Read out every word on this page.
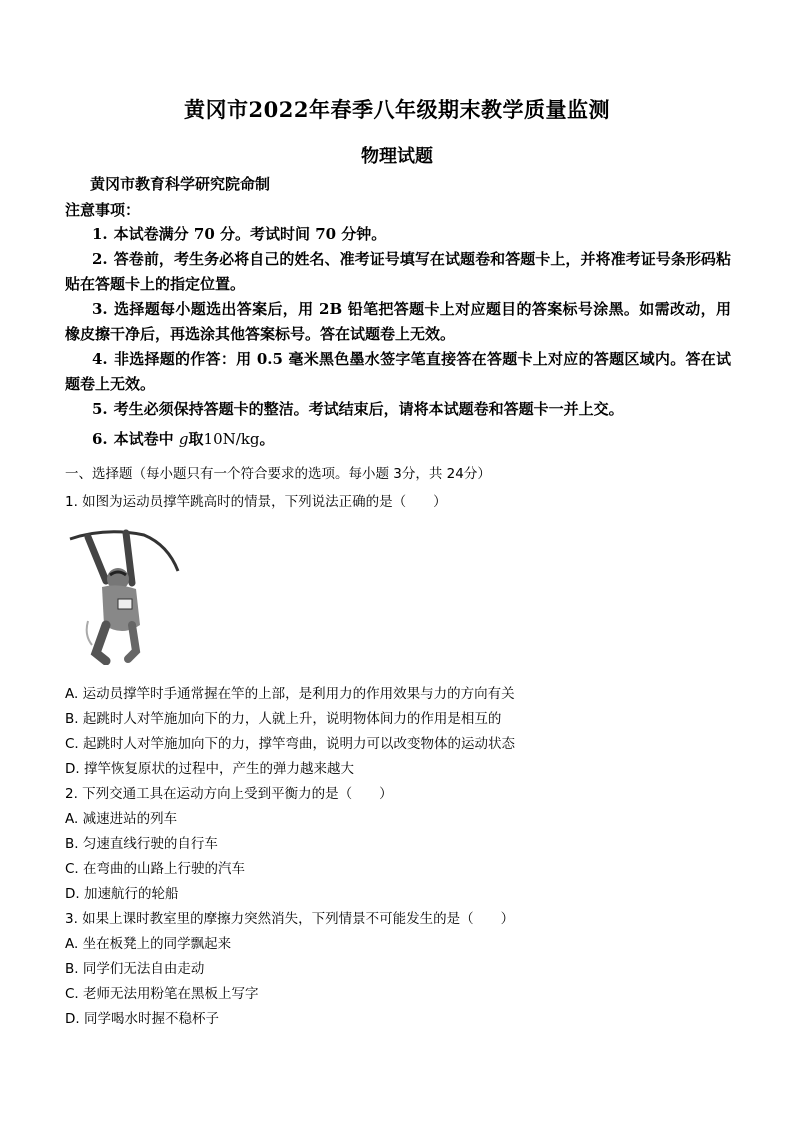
黄冈市2022年春季八年级期末教学质量监测
物理试题
黄冈市教育科学研究院命制
注意事项：
1. 本试卷满分 70 分。考试时间 70 分钟。
2. 答卷前，考生务必将自己的姓名、准考证号填写在试题卷和答题卡上，并将准考证号条形码粘贴在答题卡上的指定位置。
3. 选择题每小题选出答案后，用 2B 铅笔把答题卡上对应题目的答案标号涂黑。如需改动，用橡皮擦干净后，再选涂其他答案标号。答在试题卷上无效。
4. 非选择题的作答：用 0.5 毫米黑色墨水签字笔直接答在答题卡上对应的答题区域内。答在试题卷上无效。
5. 考生必须保持答题卡的整洁。考试结束后，请将本试题卷和答题卡一并上交。
6. 本试卷中 g取10N/kg。
一、选择题（每小题只有一个符合要求的选项。每小题 3分，共 24分）
1. 如图为运动员撑竿跳高时的情景，下列说法正确的是（　　）
A. 运动员撑竿时手通常握在竿的上部，是利用力的作用效果与力的方向有关
B. 起跳时人对竿施加向下的力，人就上升，说明物体间力的作用是相互的
C. 起跳时人对竿施加向下的力，撑竿弯曲，说明力可以改变物体的运动状态
D. 撑竿恢复原状的过程中，产生的弹力越来越大
2. 下列交通工具在运动方向上受到平衡力的是（　　）
A. 减速进站的列车
B. 匀速直线行驶的自行车
C. 在弯曲的山路上行驶的汽车
D. 加速航行的轮船
3. 如果上课时教室里的摩擦力突然消失，下列情景不可能发生的是（　　）
A. 坐在板凳上的同学飘起来
B. 同学们无法自由走动
C. 老师无法用粉笔在黑板上写字
D. 同学喝水时握不稳杯子
